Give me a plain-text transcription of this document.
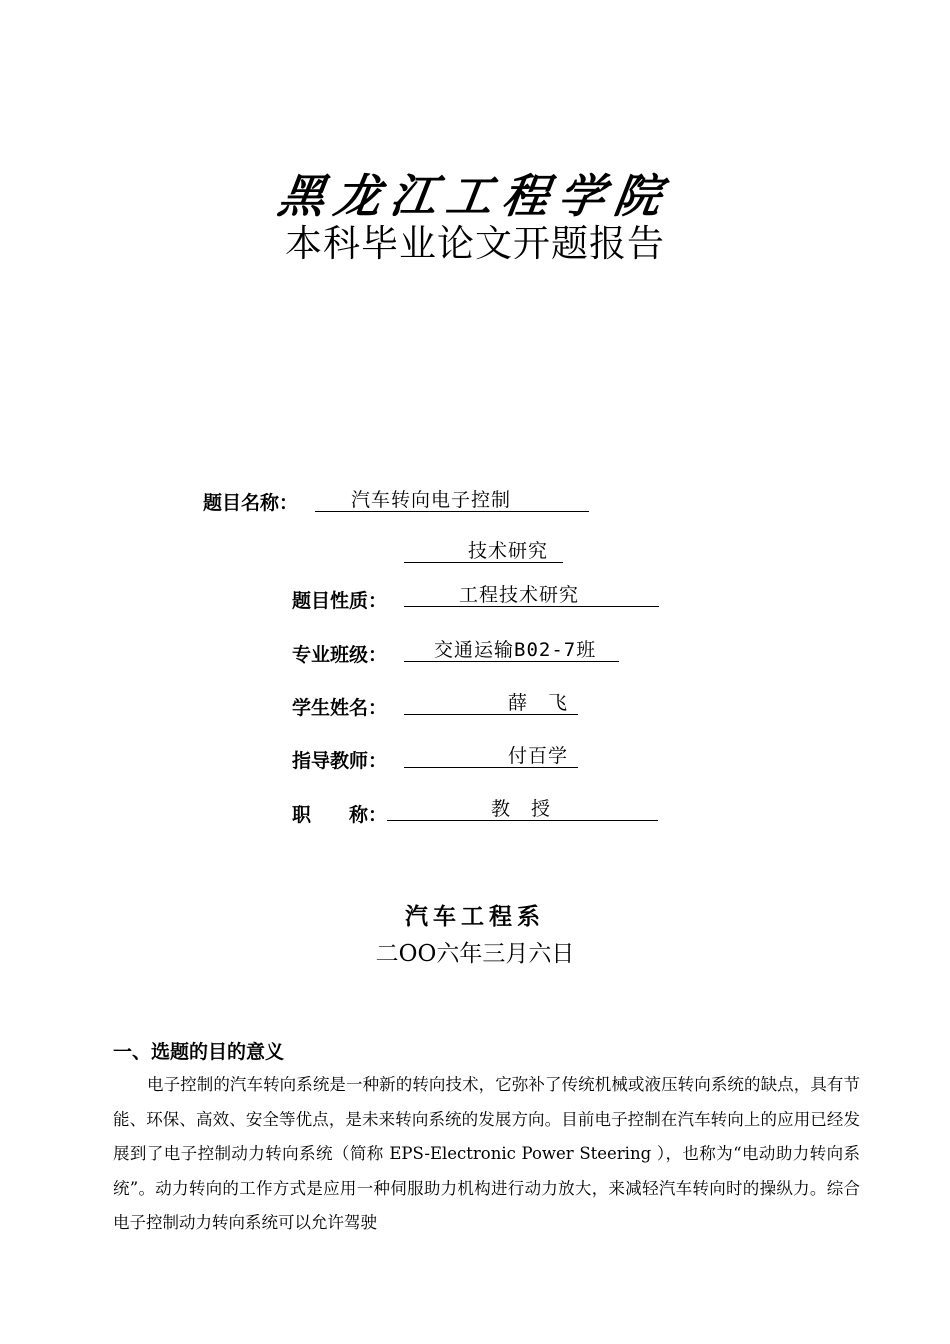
黑龙江工程学院
本科毕业论文开题报告
题目名称：	汽车转向电子控制
技术研究
题目性质：	工程技术研究
专业班级： 交通运输B02-7班
学生姓名：	薛　飞
指导教师：	付百学
职　　称：	教　授
汽车工程系
二OO六年三月六日
一、选题的目的意义
电子控制的汽车转向系统是一种新的转向技术，它弥补了传统机械或液压转向系统的缺点，具有节能、环保、高效、安全等优点，是未来转向系统的发展方向。目前电子控制在汽车转向上的应用已经发展到了电子控制动力转向系统（简称 EPS-Electronic Power Steering ），也称为“电动助力转向系统”。动力转向的工作方式是应用一种伺服助力机构进行动力放大，来减轻汽车转向时的操纵力。综合电子控制动力转向系统可以允许驾驶
